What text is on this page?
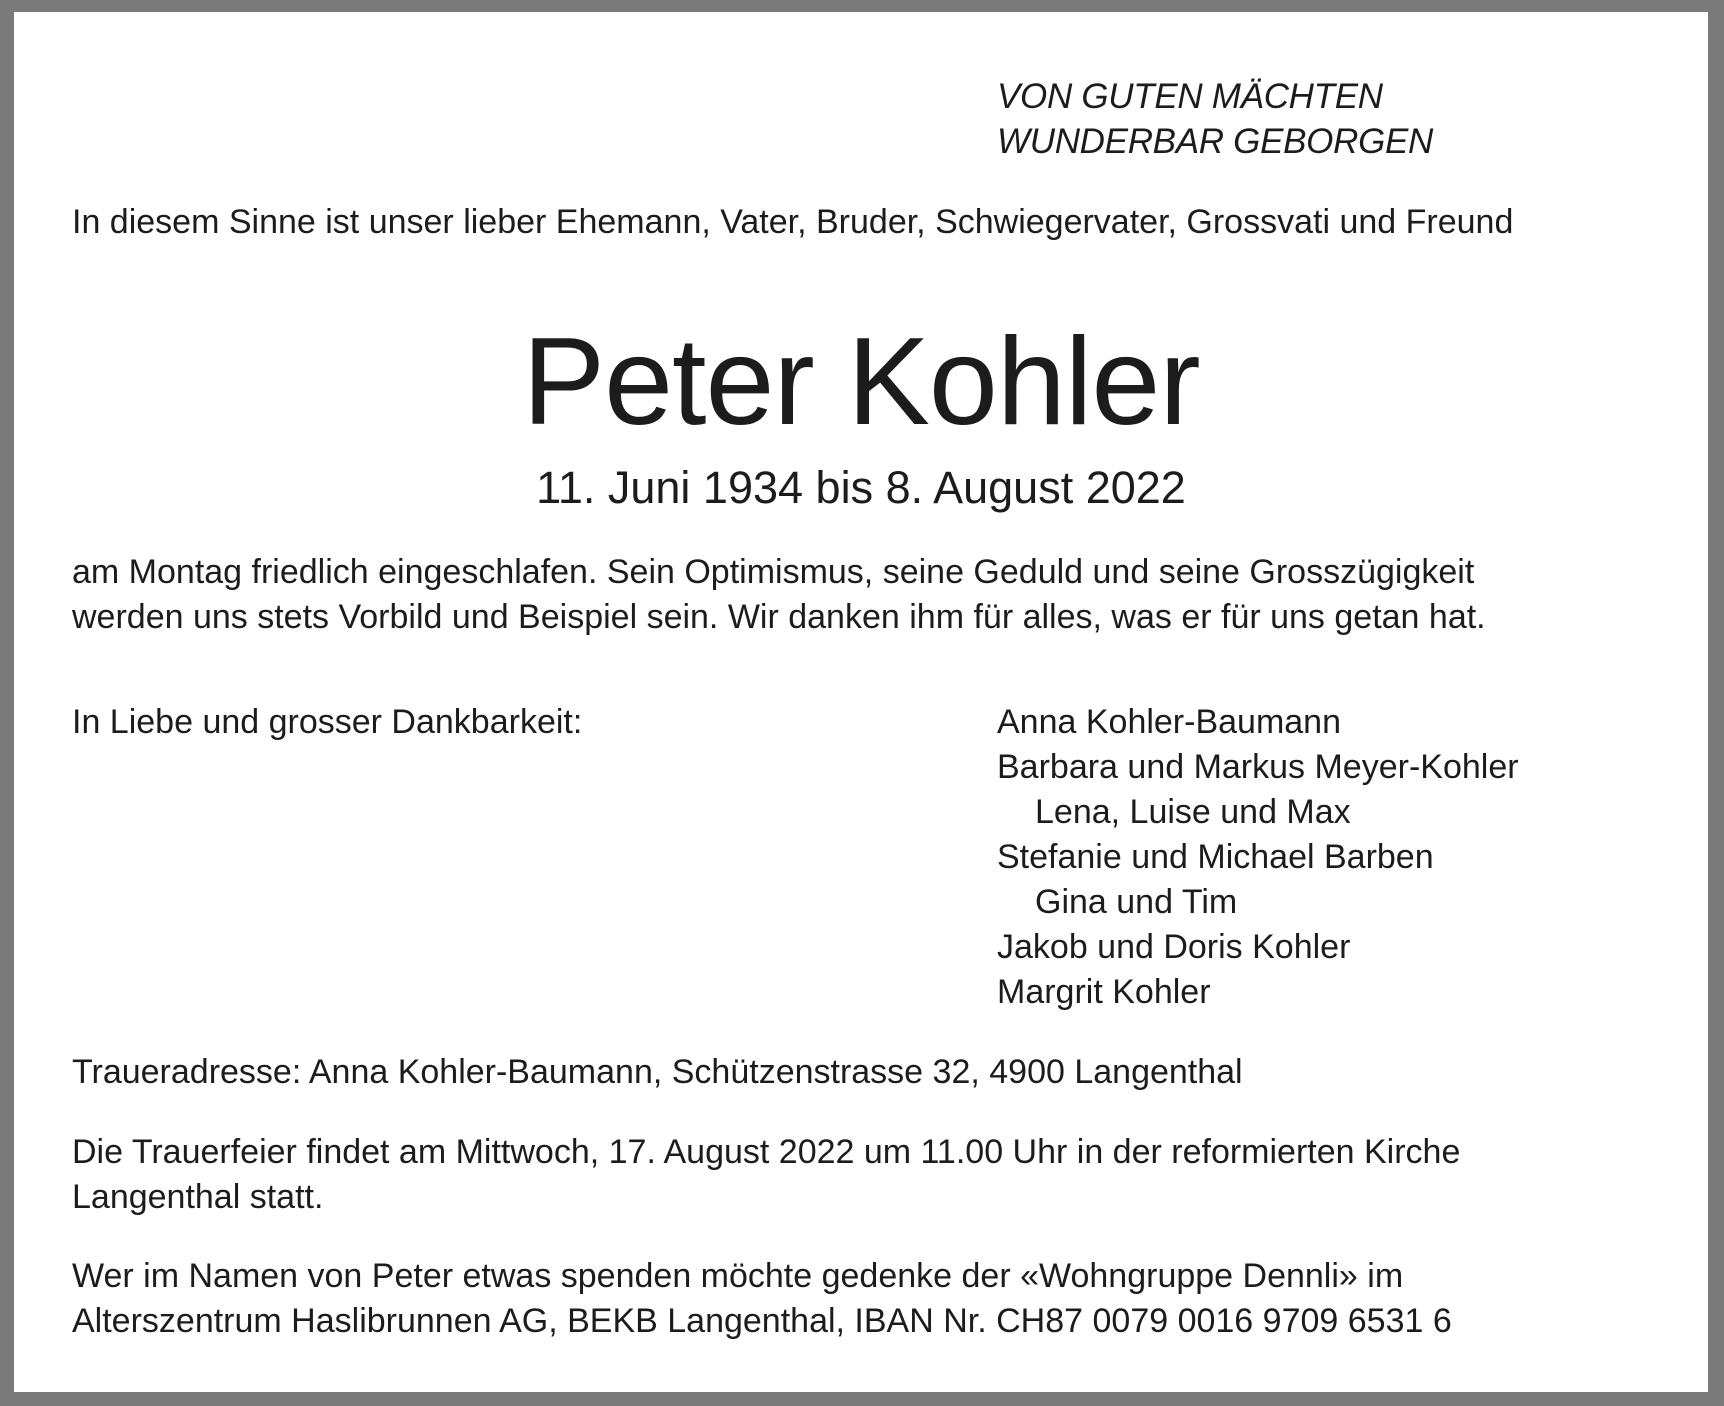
VON GUTEN MÄCHTEN
WUNDERBAR GEBORGEN
In diesem Sinne ist unser lieber Ehemann, Vater, Bruder, Schwiegervater, Grossvati und Freund
Peter Kohler
11. Juni 1934 bis 8. August 2022
am Montag friedlich eingeschlafen. Sein Optimismus, seine Geduld und seine Grosszügigkeit
werden uns stets Vorbild und Beispiel sein. Wir danken ihm für alles, was er für uns getan hat.
In Liebe und grosser Dankbarkeit:	Anna Kohler-Baumann
Barbara und Markus Meyer-Kohler
Lena, Luise und Max
Stefanie und Michael Barben
Gina und Tim
Jakob und Doris Kohler
Margrit Kohler
Traueradresse: Anna Kohler-Baumann, Schützenstrasse 32, 4900 Langenthal
Die Trauerfeier findet am Mittwoch, 17. August 2022 um 11.00 Uhr in der reformierten Kirche
Langenthal statt.
Wer im Namen von Peter etwas spenden möchte gedenke der «Wohngruppe Dennli» im
Alterszentrum Haslibrunnen AG, BEKB Langenthal, IBAN Nr. CH87 0079 0016 9709 6531 6
